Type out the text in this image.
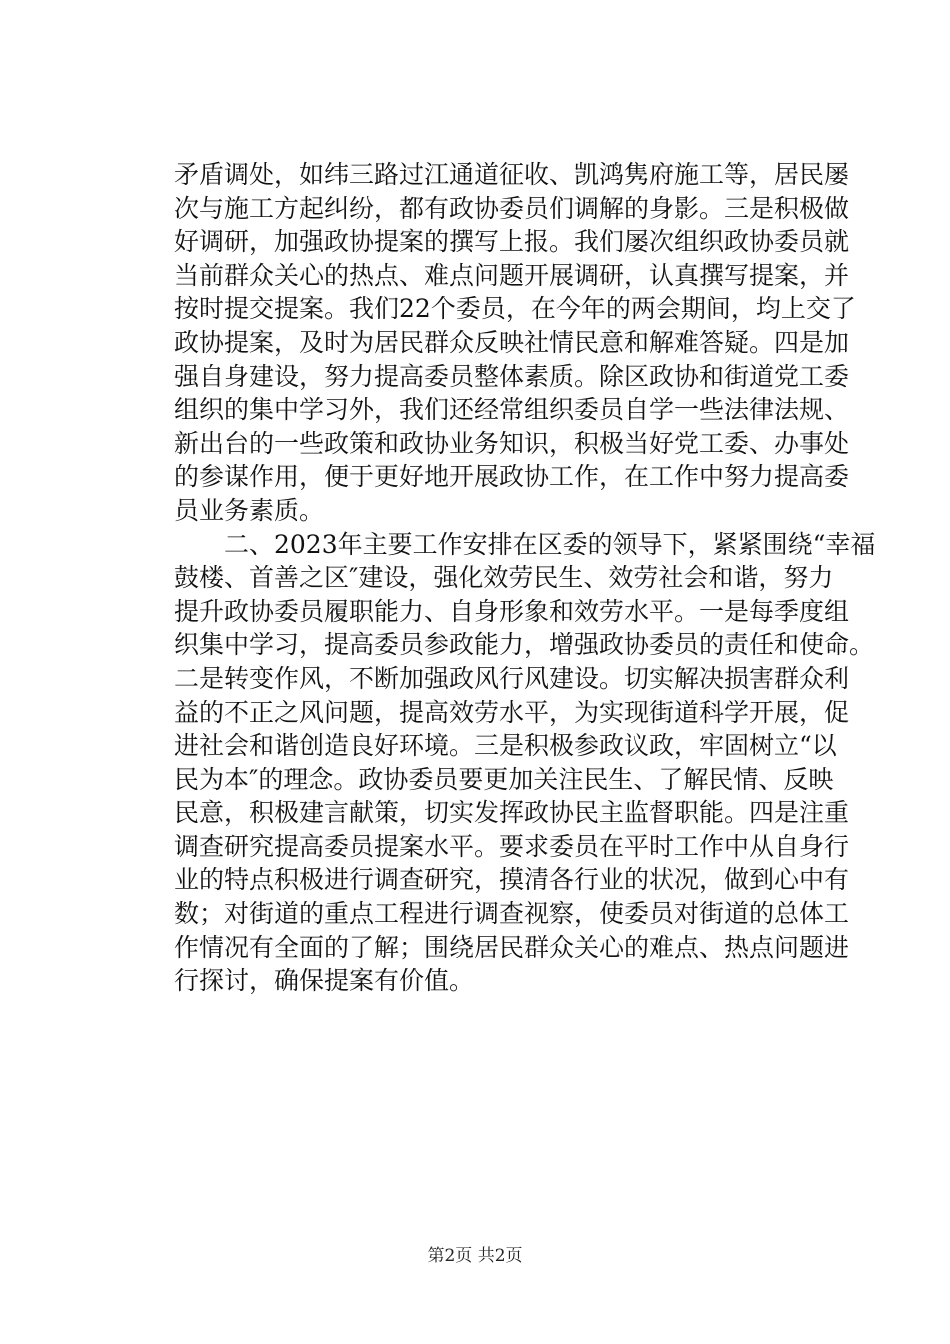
矛盾调处，如纬三路过江通道征收、凯鸿隽府施工等，居民屡
次与施工方起纠纷，都有政协委员们调解的身影。三是积极做
好调研，加强政协提案的撰写上报。我们屡次组织政协委员就
当前群众关心的热点、难点问题开展调研，认真撰写提案，并
按时提交提案。我们22个委员，在今年的两会期间，均上交了
政协提案，及时为居民群众反映社情民意和解难答疑。四是加
强自身建设，努力提高委员整体素质。除区政协和街道党工委
组织的集中学习外，我们还经常组织委员自学一些法律法规、
新出台的一些政策和政协业务知识，积极当好党工委、办事处
的参谋作用，便于更好地开展政协工作，在工作中努力提高委
员业务素质。
　　二、2023年主要工作安排在区委的领导下，紧紧围绕“幸福
鼓楼、首善之区″建设，强化效劳民生、效劳社会和谐，努力
提升政协委员履职能力、自身形象和效劳水平。一是每季度组
织集中学习，提高委员参政能力，增强政协委员的责任和使命。
二是转变作风，不断加强政风行风建设。切实解决损害群众利
益的不正之风问题，提高效劳水平，为实现街道科学开展，促
进社会和谐创造良好环境。三是积极参政议政，牢固树立“以
民为本″的理念。政协委员要更加关注民生、了解民情、反映
民意，积极建言献策，切实发挥政协民主监督职能。四是注重
调查研究提高委员提案水平。要求委员在平时工作中从自身行
业的特点积极进行调查研究，摸清各行业的状况，做到心中有
数；对街道的重点工程进行调查视察，使委员对街道的总体工
作情况有全面的了解；围绕居民群众关心的难点、热点问题进
行探讨，确保提案有价值。
第2页 共2页
